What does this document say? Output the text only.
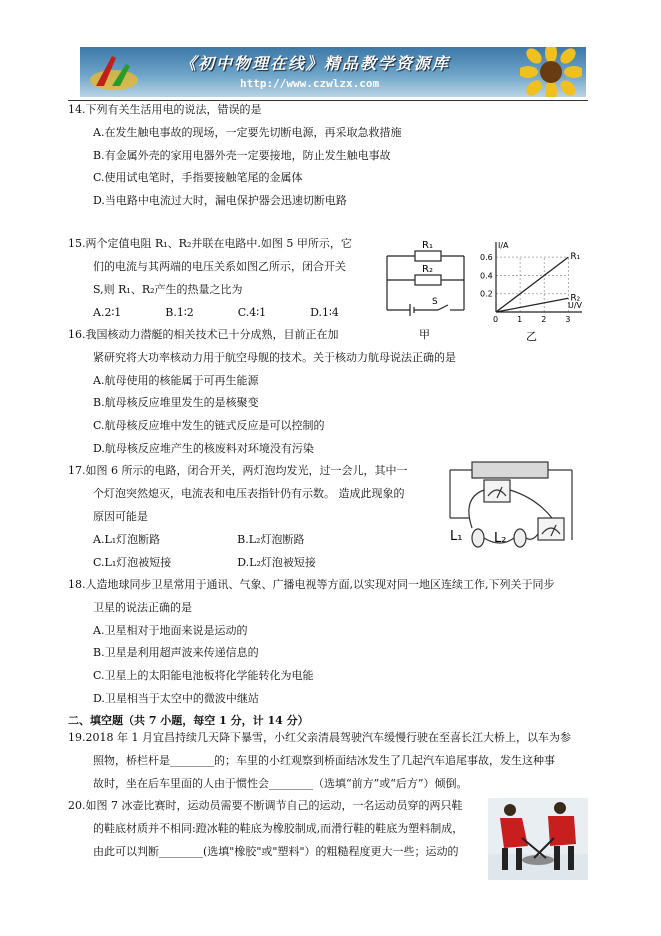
《初中物理在线》精品教学资源库
http://www.czwlzx.com
14.下列有关生活用电的说法，错误的是
A.在发生触电事故的现场，一定要先切断电源，再采取急救措施
B.有金属外壳的家用电器外壳一定要接地，防止发生触电事故
C.使用试电笔时，手指要接触笔尾的金属体
D.当电路中电流过大时，漏电保护器会迅速切断电路
15.两个定值电阻 R₁、R₂并联在电路中.如图 5 甲所示，它
们的电流与其两端的电压关系如图乙所示，闭合开关
S,则 R₁、R₂产生的热量之比为
A.2∶1　　　　B.1∶2　　　　C.4∶1　　　　D.1∶4
16.我国核动力潜艇的相关技术已十分成熟，目前正在加
紧研究将大功率核动力用于航空母舰的技术。关于核动力航母说法正确的是
A.航母使用的核能属于可再生能源
B.航母核反应堆里发生的是核聚变
C.航母核反应堆中发生的链式反应是可以控制的
D.航母核反应堆产生的核废料对环境没有污染
17.如图 6 所示的电路，闭合开关，两灯泡均发光，过一会儿，其中一
个灯泡突然熄灭，电流表和电压表指针仍有示数。 造成此现象的
原因可能是
A.L₁灯泡断路　　　　　　　B.L₂灯泡断路
C.L₁灯泡被短接　　　　　　D.L₂灯泡被短接
18.人造地球同步卫星常用于通讯、气象、广播电视等方面,以实现对同一地区连续工作,下列关于同步
卫星的说法正确的是
A.卫星相对于地面来说是运动的
B.卫星是利用超声波来传递信息的
C.卫星上的太阳能电池板将化学能转化为电能
D.卫星相当于太空中的微波中继站
二、填空题（共 7 小题，每空 1 分，计 14 分）
19.2018 年 1 月宜昌持续几天降下暴雪，小红父亲清晨驾驶汽车缓慢行驶在至喜长江大桥上，以车为参
照物，桥栏杆是________的；车里的小红观察到桥面结冰发生了几起汽车追尾事故，发生这种事
故时，坐在后车里面的人由于惯性会________（选填“前方”或“后方”）倾倒。
20.如图 7 冰壶比赛时，运动员需要不断调节自己的运动，一名运动员穿的两只鞋
的鞋底材质并不相同:蹬冰鞋的鞋底为橡胶制成,而滑行鞋的鞋底为塑料制成，
由此可以判断________(选填"橡胶"或"塑料"）的粗糙程度更大一些；运动的
R₁
R₂
S
甲
R₁
R₂
0.6
0.4
0.2
0 1 2 3
I/A
U/V
乙
L₁ L₂
